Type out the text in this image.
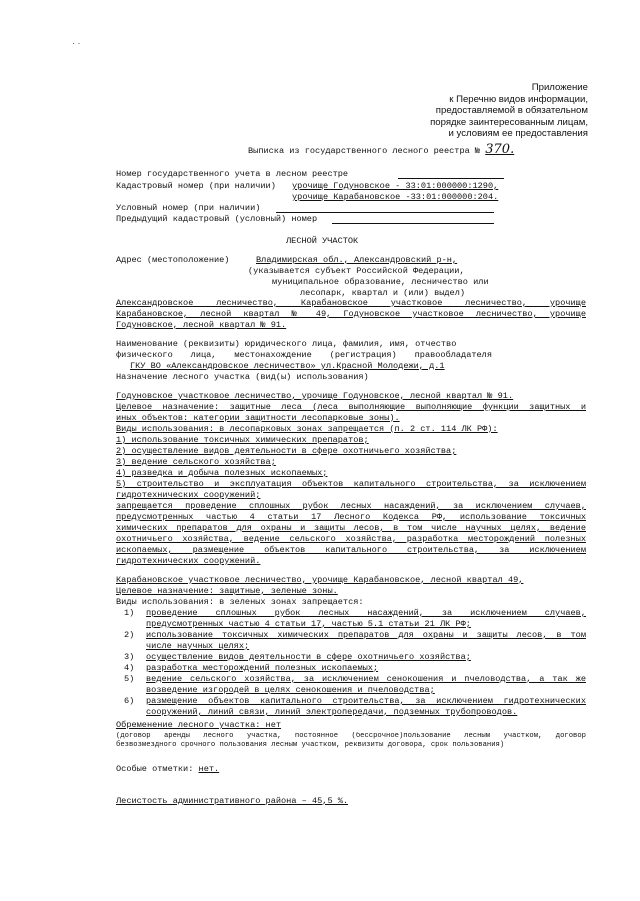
· ·
Приложение
к Перечню видов информации,
предоставляемой в обязательном
порядке заинтересованным лицам,
и условиям ее предоставления
Выписка из государственного лесного реестра № 370.
Номер государственного учета в лесном реестре
Кадастровый номер (при наличии) урочище Годуновское - 33:01:000000:1290,
урочище Карабановское -33:01:000000:204.
Условный номер (при наличии)
Предыдущий кадастровый (условный) номер
ЛЕСНОЙ УЧАСТОК
Адрес (местоположение)	Владимирская обл., Александровский р-н,
(указывается субъект Российской Федерации,
муниципальное образование, лесничество или
лесопарк, квартал и (или) выдел)
Александровское лесничество, Карабановское участковое лесничество, урочище
Карабановское, лесной квартал № 49, Годуновское участковое лесничество, урочище
Годуновское, лесной квартал № 91.
Наименование (реквизиты) юридического лица, фамилия, имя, отчество
физического лица, местонахождение (регистрация) правообладателя
ГКУ ВО «Александровское лесничество» ул.Красной Молодежи, д.1
Назначение лесного участка (вид(ы) использования)
Годуновское участковое лесничество, урочище Годуновское, лесной квартал № 91.
Целевое назначение: защитные леса (леса выполняющие выполняющие функции защитных и
иных объектов: категории защитности лесопарковые зоны).
Виды использования: в лесопарковых зонах запрещается (п. 2 ст. 114 ЛК РФ):
1) использование токсичных химических препаратов;
2) осуществление видов деятельности в сфере охотничьего хозяйства;
3) ведение сельского хозяйства;
4) разведка и добыча полезных ископаемых;
5) строительство и эксплуатация объектов капитального строительства, за исключением
гидротехнических сооружений;
запрещается проведение сплошных рубок лесных насаждений, за исключением случаев,
предусмотренных частью 4 статьи 17 Лесного Кодекса РФ, использование токсичных
химических препаратов для охраны и защиты лесов, в том числе научных целях, ведение
охотничьего хозяйства, ведение сельского хозяйства, разработка месторождений полезных
ископаемых, размещение объектов капитального строительства, за исключением
гидротехнических сооружений.
Карабановское участковое лесничество, урочище Карабановское, лесной квартал 49,
Целевое назначение: защитные, зеленые зоны.
Виды использования: в зеленых зонах запрещается:
1) проведение сплошных рубок лесных насаждений, за исключением случаев,
предусмотренных частью 4 статьи 17, частью 5.1 статьи 21 ЛК РФ;
2) использование токсичных химических препаратов для охраны и защиты лесов, в том
числе научных целях;
3) осуществление видов деятельности в сфере охотничьего хозяйства;
4) разработка месторождений полезных ископаемых;
5) ведение сельского хозяйства, за исключением сенокошения и пчеловодства, а так же
возведение изгородей в целях сенокошения и пчеловодства;
6) размещение объектов капитального строительства, за исключением гидротехнических
сооружений, линий связи, линий электропередачи, подземных трубопроводов.
Обременение лесного участка: нет
(договор аренды лесного участка, постоянное (бессрочное)пользование лесным участком, договор
безвозмездного срочного пользования лесным участком, реквизиты договора, срок пользования)
Особые отметки: нет.
Лесистость административного района – 45,5 %.
